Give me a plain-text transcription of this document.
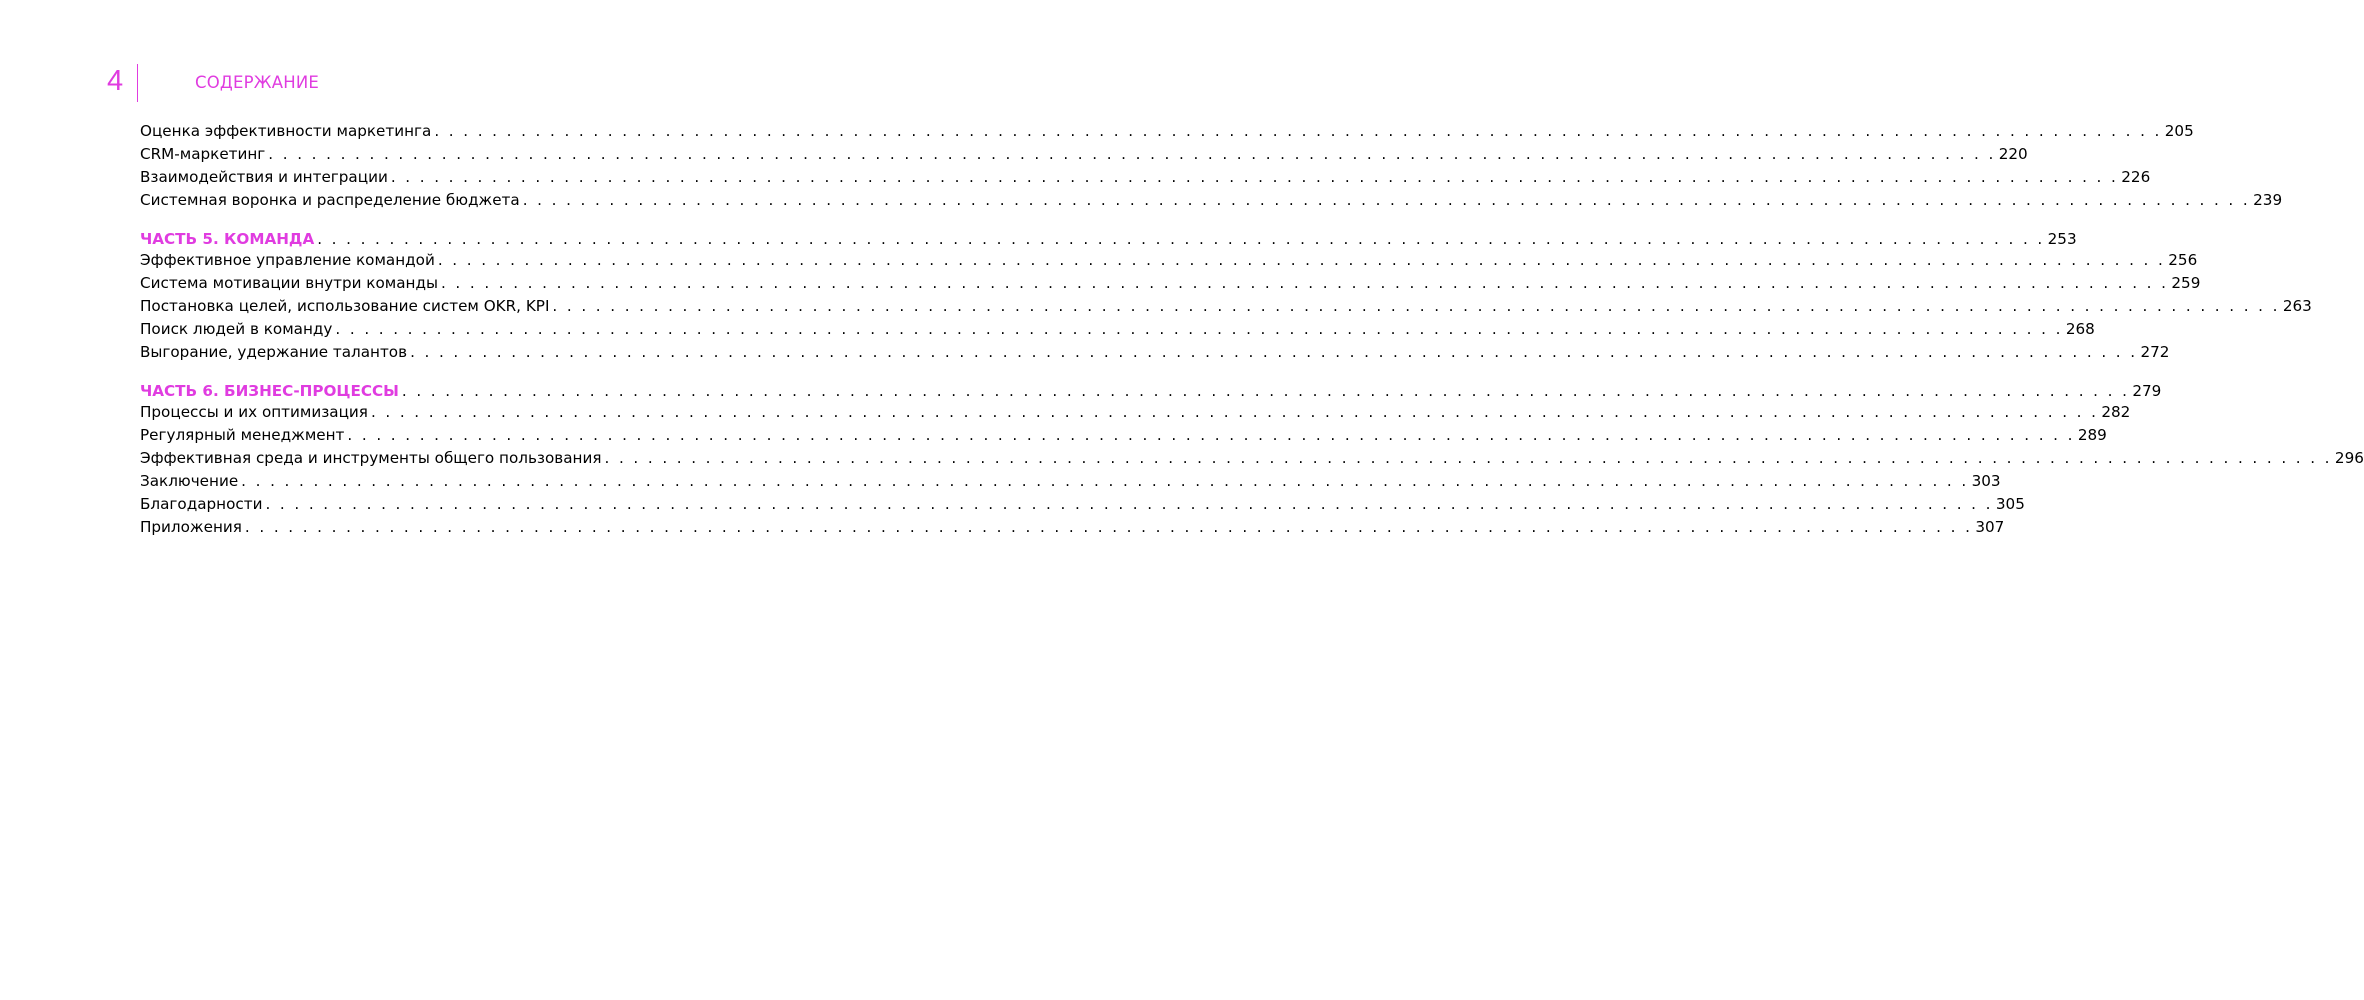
4	СОДЕРЖАНИЕ
Оценка эффективности маркетинга . . . . . . . . . . . . . . . . . . . . . . . . . . . . . . . . . . . . . . . . . . . . . . . . . . . . . . . . . . . . . . . . . . . . . . . . . . . . . . . . . . . . . . . . . . . . . . . . . . . . . . . . . . . . . . . . . . . . . . . . 205
CRM-маркетинг . . . . . . . . . . . . . . . . . . . . . . . . . . . . . . . . . . . . . . . . . . . . . . . . . . . . . . . . . . . . . . . . . . . . . . . . . . . . . . . . . . . . . . . . . . . . . . . . . . . . . . . . . . . . . . . . . . . . . . . . 220
Взаимодействия и интеграции . . . . . . . . . . . . . . . . . . . . . . . . . . . . . . . . . . . . . . . . . . . . . . . . . . . . . . . . . . . . . . . . . . . . . . . . . . . . . . . . . . . . . . . . . . . . . . . . . . . . . . . . . . . . . . . . . . . . . . . . 226
Системная воронка и распределение бюджета . . . . . . . . . . . . . . . . . . . . . . . . . . . . . . . . . . . . . . . . . . . . . . . . . . . . . . . . . . . . . . . . . . . . . . . . . . . . . . . . . . . . . . . . . . . . . . . . . . . . . . . . . . . . . . . . . . . . . . . . 239
ЧАСТЬ 5. КОМАНДА . . . . . . . . . . . . . . . . . . . . . . . . . . . . . . . . . . . . . . . . . . . . . . . . . . . . . . . . . . . . . . . . . . . . . . . . . . . . . . . . . . . . . . . . . . . . . . . . . . . . . . . . . . . . . . . . . . . . . . . . 253
Эффективное управление командой . . . . . . . . . . . . . . . . . . . . . . . . . . . . . . . . . . . . . . . . . . . . . . . . . . . . . . . . . . . . . . . . . . . . . . . . . . . . . . . . . . . . . . . . . . . . . . . . . . . . . . . . . . . . . . . . . . . . . . . . 256
Система мотивации внутри команды . . . . . . . . . . . . . . . . . . . . . . . . . . . . . . . . . . . . . . . . . . . . . . . . . . . . . . . . . . . . . . . . . . . . . . . . . . . . . . . . . . . . . . . . . . . . . . . . . . . . . . . . . . . . . . . . . . . . . . . . 259
Постановка целей, использование систем OKR, KPI . . . . . . . . . . . . . . . . . . . . . . . . . . . . . . . . . . . . . . . . . . . . . . . . . . . . . . . . . . . . . . . . . . . . . . . . . . . . . . . . . . . . . . . . . . . . . . . . . . . . . . . . . . . . . . . . . . . . . . . . 263
Поиск людей в команду . . . . . . . . . . . . . . . . . . . . . . . . . . . . . . . . . . . . . . . . . . . . . . . . . . . . . . . . . . . . . . . . . . . . . . . . . . . . . . . . . . . . . . . . . . . . . . . . . . . . . . . . . . . . . . . . . . . . . . . . 268
Выгорание, удержание талантов . . . . . . . . . . . . . . . . . . . . . . . . . . . . . . . . . . . . . . . . . . . . . . . . . . . . . . . . . . . . . . . . . . . . . . . . . . . . . . . . . . . . . . . . . . . . . . . . . . . . . . . . . . . . . . . . . . . . . . . . 272
ЧАСТЬ 6. БИЗНЕС-ПРОЦЕССЫ . . . . . . . . . . . . . . . . . . . . . . . . . . . . . . . . . . . . . . . . . . . . . . . . . . . . . . . . . . . . . . . . . . . . . . . . . . . . . . . . . . . . . . . . . . . . . . . . . . . . . . . . . . . . . . . . . . . . . . . . 279
Процессы и их оптимизация . . . . . . . . . . . . . . . . . . . . . . . . . . . . . . . . . . . . . . . . . . . . . . . . . . . . . . . . . . . . . . . . . . . . . . . . . . . . . . . . . . . . . . . . . . . . . . . . . . . . . . . . . . . . . . . . . . . . . . . . 282
Регулярный менеджмент . . . . . . . . . . . . . . . . . . . . . . . . . . . . . . . . . . . . . . . . . . . . . . . . . . . . . . . . . . . . . . . . . . . . . . . . . . . . . . . . . . . . . . . . . . . . . . . . . . . . . . . . . . . . . . . . . . . . . . . . 289
Эффективная среда и инструменты общего пользования . . . . . . . . . . . . . . . . . . . . . . . . . . . . . . . . . . . . . . . . . . . . . . . . . . . . . . . . . . . . . . . . . . . . . . . . . . . . . . . . . . . . . . . . . . . . . . . . . . . . . . . . . . . . . . . . . . . . . . . . 296
Заключение . . . . . . . . . . . . . . . . . . . . . . . . . . . . . . . . . . . . . . . . . . . . . . . . . . . . . . . . . . . . . . . . . . . . . . . . . . . . . . . . . . . . . . . . . . . . . . . . . . . . . . . . . . . . . . . . . . . . . . . . 303
Благодарности . . . . . . . . . . . . . . . . . . . . . . . . . . . . . . . . . . . . . . . . . . . . . . . . . . . . . . . . . . . . . . . . . . . . . . . . . . . . . . . . . . . . . . . . . . . . . . . . . . . . . . . . . . . . . . . . . . . . . . . . 305
Приложения . . . . . . . . . . . . . . . . . . . . . . . . . . . . . . . . . . . . . . . . . . . . . . . . . . . . . . . . . . . . . . . . . . . . . . . . . . . . . . . . . . . . . . . . . . . . . . . . . . . . . . . . . . . . . . . . . . . . . . . . 307
